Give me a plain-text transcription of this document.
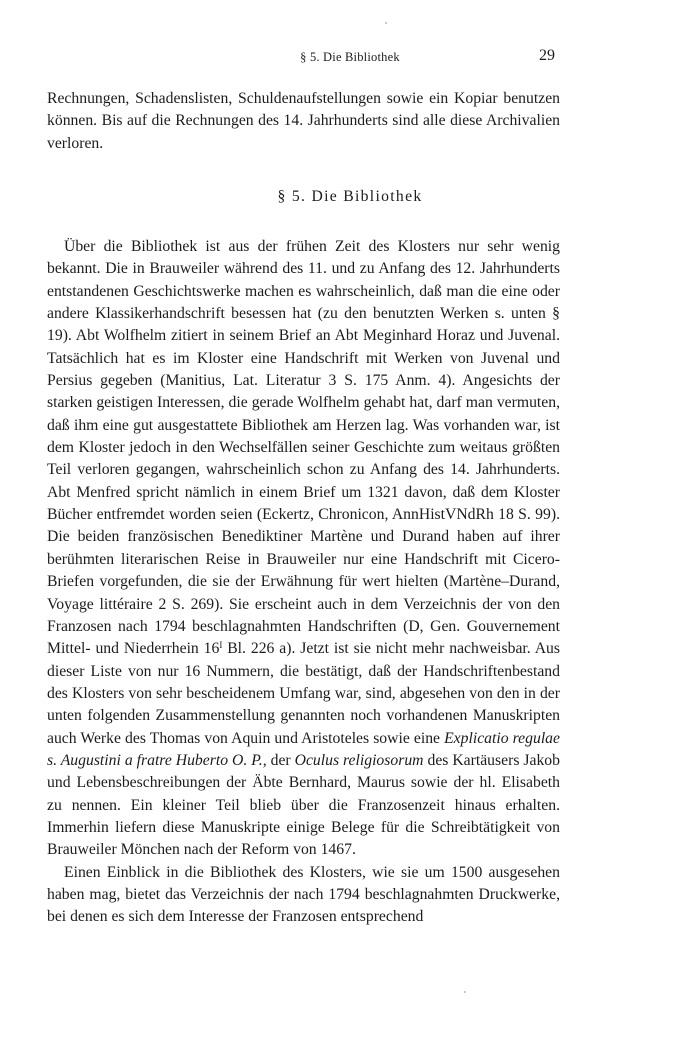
§ 5. Die Bibliothek	29
Rechnungen, Schadenslisten, Schuldenaufstellungen sowie ein Kopiar benutzen können. Bis auf die Rechnungen des 14. Jahrhunderts sind alle diese Archivalien verloren.
§ 5. Die Bibliothek

Über die Bibliothek ist aus der frühen Zeit des Klosters nur sehr wenig bekannt. Die in Brauweiler während des 11. und zu Anfang des 12. Jahrhunderts entstandenen Geschichtswerke machen es wahrscheinlich, daß man die eine oder andere Klassikerhandschrift besessen hat (zu den benutzten Werken s. unten § 19). Abt Wolfhelm zitiert in seinem Brief an Abt Meginhard Horaz und Juvenal. Tatsächlich hat es im Kloster eine Handschrift mit Werken von Juvenal und Persius gegeben (Manitius, Lat. Literatur 3 S. 175 Anm. 4). Angesichts der starken geistigen Interessen, die gerade Wolfhelm gehabt hat, darf man vermuten, daß ihm eine gut ausgestattete Bibliothek am Herzen lag. Was vorhanden war, ist dem Kloster jedoch in den Wechselfällen seiner Geschichte zum weitaus größten Teil verloren gegangen, wahrscheinlich schon zu Anfang des 14. Jahrhunderts. Abt Menfred spricht nämlich in einem Brief um 1321 davon, daß dem Kloster Bücher entfremdet worden seien (Eckertz, Chronicon, AnnHistVNdRh 18 S. 99). Die beiden französischen Benediktiner Martène und Durand haben auf ihrer berühmten literarischen Reise in Brauweiler nur eine Handschrift mit Cicero-Briefen vorgefunden, die sie der Erwähnung für wert hielten (Martène–Durand, Voyage littéraire 2 S. 269). Sie erscheint auch in dem Verzeichnis der von den Franzosen nach 1794 beschlagnahmten Handschriften (D, Gen. Gouvernement Mittel- und Niederrhein $16^I$ Bl. 226 a). Jetzt ist sie nicht mehr nachweisbar. Aus dieser Liste von nur 16 Nummern, die bestätigt, daß der Handschriftenbestand des Klosters von sehr bescheidenem Umfang war, sind, abgesehen von den in der unten folgenden Zusammenstellung genannten noch vorhandenen Manuskripten auch Werke des Thomas von Aquin und Aristoteles sowie eine Explicatio regulae s. Augustini a fratre Huberto O. P., der Oculus religiosorum des Kartäusers Jakob und Lebensbeschreibungen der Äbte Bernhard, Maurus sowie der hl. Elisabeth zu nennen. Ein kleiner Teil blieb über die Franzosenzeit hinaus erhalten. Immerhin liefern diese Manuskripte einige Belege für die Schreibtätigkeit von Brauweiler Mönchen nach der Reform von 1467.

Einen Einblick in die Bibliothek des Klosters, wie sie um 1500 ausgesehen haben mag, bietet das Verzeichnis der nach 1794 beschlagnahmten Druckwerke, bei denen es sich dem Interesse der Franzosen entsprechend
